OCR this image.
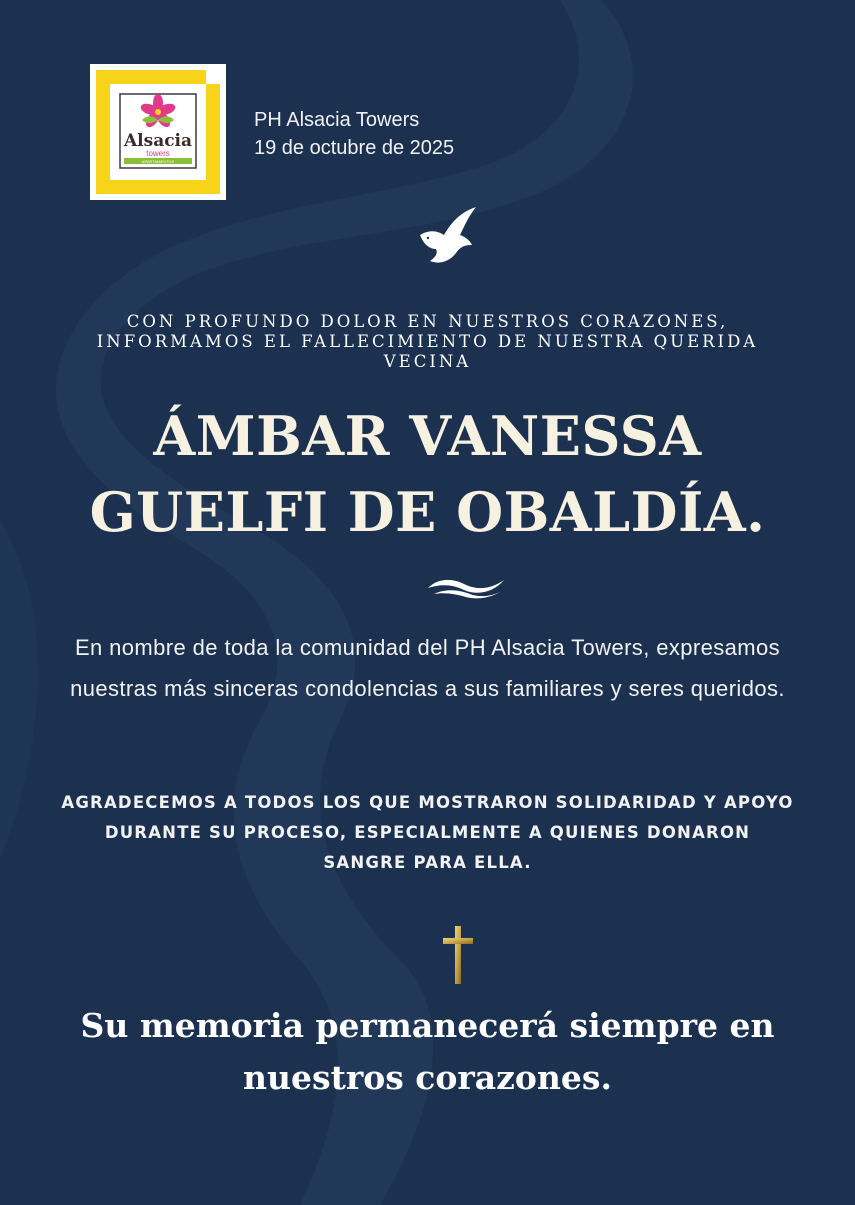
Alsacia
towers
APARTAMENTOS
PH Alsacia Towers
19 de octubre de 2025
CON PROFUNDO DOLOR EN NUESTROS CORAZONES, INFORMAMOS EL FALLECIMIENTO DE NUESTRA QUERIDA VECINA
ÁMBAR VANESSA
GUELFI DE OBALDÍA.
En nombre de toda la comunidad del PH Alsacia Towers, expresamos nuestras más sinceras condolencias a sus familiares y seres queridos.
AGRADECEMOS A TODOS LOS QUE MOSTRARON SOLIDARIDAD Y APOYO DURANTE SU PROCESO, ESPECIALMENTE A QUIENES DONARON SANGRE PARA ELLA.
Su memoria permanecerá siempre en nuestros corazones.
